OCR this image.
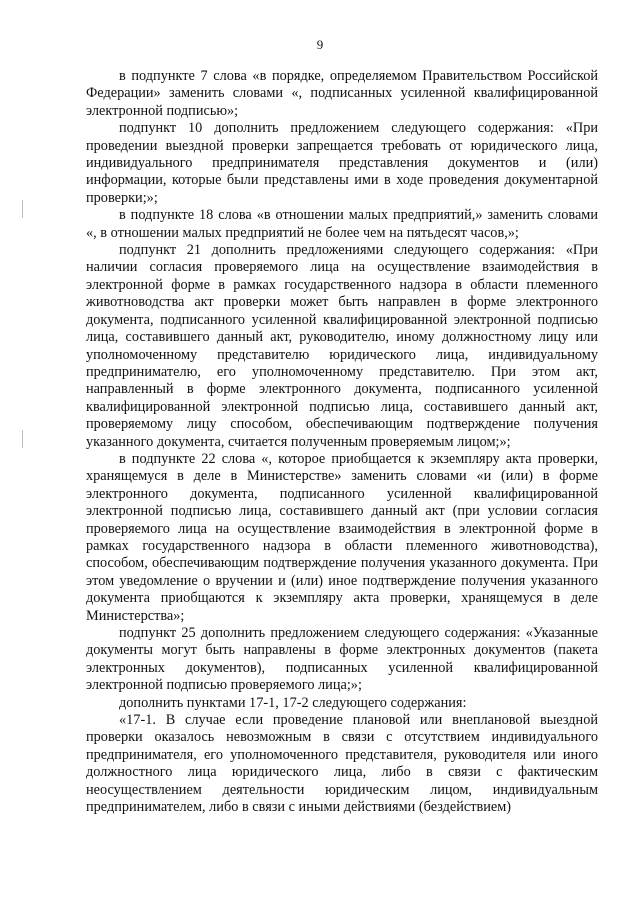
9

в подпункте 7 слова «в порядке, определяемом Правительством Российской Федерации» заменить словами «, подписанных усиленной квалифицированной электронной подписью»;

подпункт 10 дополнить предложением следующего содержания: «При проведении выездной проверки запрещается требовать от юридического лица, индивидуального предпринимателя представления документов и (или) информации, которые были представлены ими в ходе проведения документарной проверки;»;

в подпункте 18 слова «в отношении малых предприятий,» заменить словами «, в отношении малых предприятий не более чем на пятьдесят часов,»;

подпункт 21 дополнить предложениями следующего содержания: «При наличии согласия проверяемого лица на осуществление взаимодействия в электронной форме в рамках государственного надзора в области племенного животноводства акт проверки может быть направлен в форме электронного документа, подписанного усиленной квалифицированной электронной подписью лица, составившего данный акт, руководителю, иному должностному лицу или уполномоченному представителю юридического лица, индивидуальному предпринимателю, его уполномоченному представителю. При этом акт, направленный в форме электронного документа, подписанного усиленной квалифицированной электронной подписью лица, составившего данный акт, проверяемому лицу способом, обеспечивающим подтверждение получения указанного документа, считается полученным проверяемым лицом;»;

в подпункте 22 слова «, которое приобщается к экземпляру акта проверки, хранящемуся в деле в Министерстве» заменить словами «и (или) в форме электронного документа, подписанного усиленной квалифицированной электронной подписью лица, составившего данный акт (при условии согласия проверяемого лица на осуществление взаимодействия в электронной форме в рамках государственного надзора в области племенного животноводства), способом, обеспечивающим подтверждение получения указанного документа. При этом уведомление о вручении и (или) иное подтверждение получения указанного документа приобщаются к экземпляру акта проверки, хранящемуся в деле Министерства»;

подпункт 25 дополнить предложением следующего содержания: «Указанные документы могут быть направлены в форме электронных документов (пакета электронных документов), подписанных усиленной квалифицированной электронной подписью проверяемого лица;»;

дополнить пунктами 17-1, 17-2 следующего содержания:

«17-1. В случае если проведение плановой или внеплановой выездной проверки оказалось невозможным в связи с отсутствием индивидуального предпринимателя, его уполномоченного представителя, руководителя или иного должностного лица юридического лица, либо в связи с фактическим неосуществлением деятельности юридическим лицом, индивидуальным предпринимателем, либо в связи с иными действиями (бездействием)
